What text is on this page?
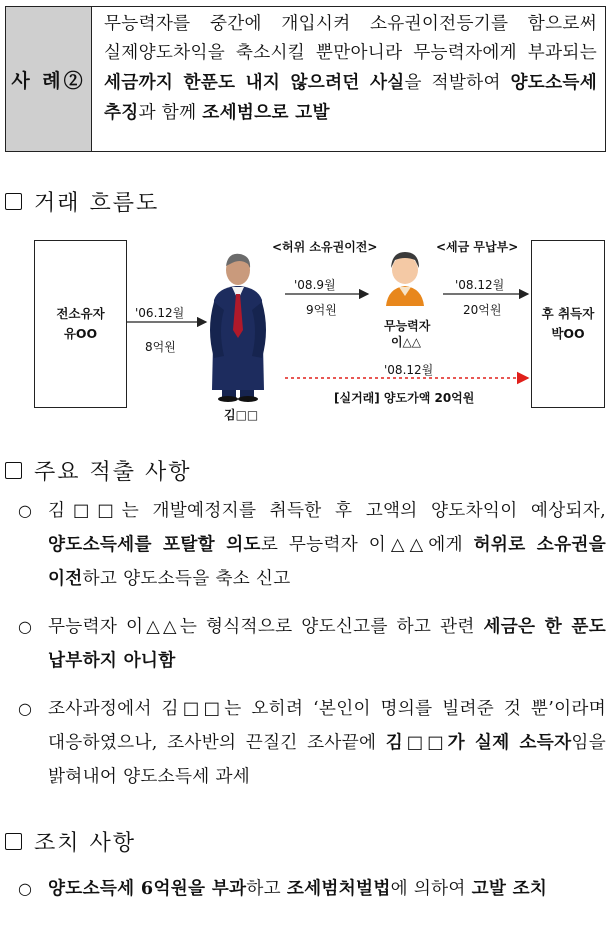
사 례②
무능력자를 중간에 개입시켜 소유권이전등기를 함으로써 실제양도차익을 축소시킬 뿐만아니라 무능력자에게 부과되는 세금까지 한푼도 내지 않으려던 사실을 적발하여 양도소득세 추징과 함께 조세범으로 고발
거래 흐름도
전소유자
유OO
후 취득자
박OO
'06.12월
8억원
<허위 소유권이전>
'08.9월
9억원
<세금 무납부>
'08.12월
20억원
무능력자
이△△
'08.12월
[실거래] 양도가액 20억원
김□□
주요 적출 사항
○ 김□□는 개발예정지를 취득한 후 고액의 양도차익이 예상되자, 양도소득세를 포탈할 의도로 무능력자 이△△에게 허위로 소유권을 이전하고 양도소득을 축소 신고
○ 무능력자 이△△는 형식적으로 양도신고를 하고 관련 세금은 한 푼도 납부하지 아니함
○ 조사과정에서 김□□는 오히려 ‘본인이 명의를 빌려준 것 뿐’이라며 대응하였으나, 조사반의 끈질긴 조사끝에 김□□가 실제 소득자임을 밝혀내어 양도소득세 과세
조치 사항
○ 양도소득세 6억원을 부과하고 조세범처벌법에 의하여 고발 조치
